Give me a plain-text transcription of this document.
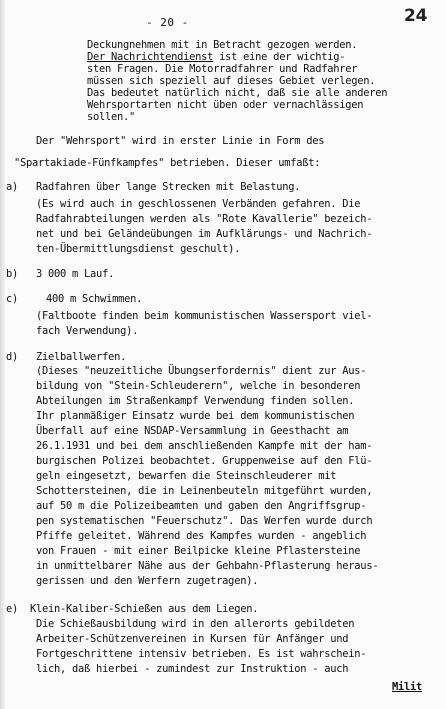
- 20 -	24
Deckungnehmen mit in Betracht gezogen werden.
Der Nachrichtendienst ist eine der wichtig-
sten Fragen. Die Motorradfahrer und Radfahrer
müssen sich speziell auf dieses Gebiet verlegen.
Das bedeutet natürlich nicht, daß sie alle anderen
Wehrsportarten nicht üben oder vernachlässigen
sollen."
Der "Wehrsport" wird in erster Linie in Form des
"Spartakiade-Fünfkampfes" betrieben. Dieser umfaßt:
a) Radfahren über lange Strecken mit Belastung.
(Es wird auch in geschlossenen Verbänden gefahren. Die
Radfahrabteilungen werden als "Rote Kavallerie" bezeich-
net und bei Geländeübungen im Aufklärungs- und Nachrich-
ten-Übermittlungsdienst geschult).
b) 3 000 m Lauf.
c)	400 m Schwimmen.
(Faltboote finden beim kommunistischen Wassersport viel-
fach Verwendung).
d) Zielballwerfen.
(Dieses "neuzeitliche Übungserfordernis" dient zur Aus-
bildung von "Stein-Schleuderern", welche in besonderen
Abteilungen im Straßenkampf Verwendung finden sollen.
Ihr planmäßiger Einsatz wurde bei dem kommunistischen
Überfall auf eine NSDAP-Versammlung in Geesthacht am
26.1.1931 und bei dem anschließenden Kampfe mit der ham-
burgischen Polizei beobachtet. Gruppenweise auf den Flü-
geln eingesetzt, bewarfen die Steinschleuderer mit
Schottersteinen, die in Leinenbeuteln mitgeführt wurden,
auf 50 m die Polizeibeamten und gaben den Angriffsgrup-
pen systematischen "Feuerschutz". Das Werfen wurde durch
Pfiffe geleitet. Während des Kampfes wurden - angeblich
von Frauen - mit einer Beilpicke kleine Pflastersteine
in unmittelbarer Nähe aus der Gehbahn-Pflasterung heraus-
gerissen und den Werfern zugetragen).
e) Klein-Kaliber-Schießen aus dem Liegen.
Die Schießausbildung wird in den allerorts gebildeten
Arbeiter-Schützenvereinen in Kursen für Anfänger und
Fortgeschrittene intensiv betrieben. Es ist wahrschein-
lich, daß hierbei - zumindest zur Instruktion - auch
Milit
